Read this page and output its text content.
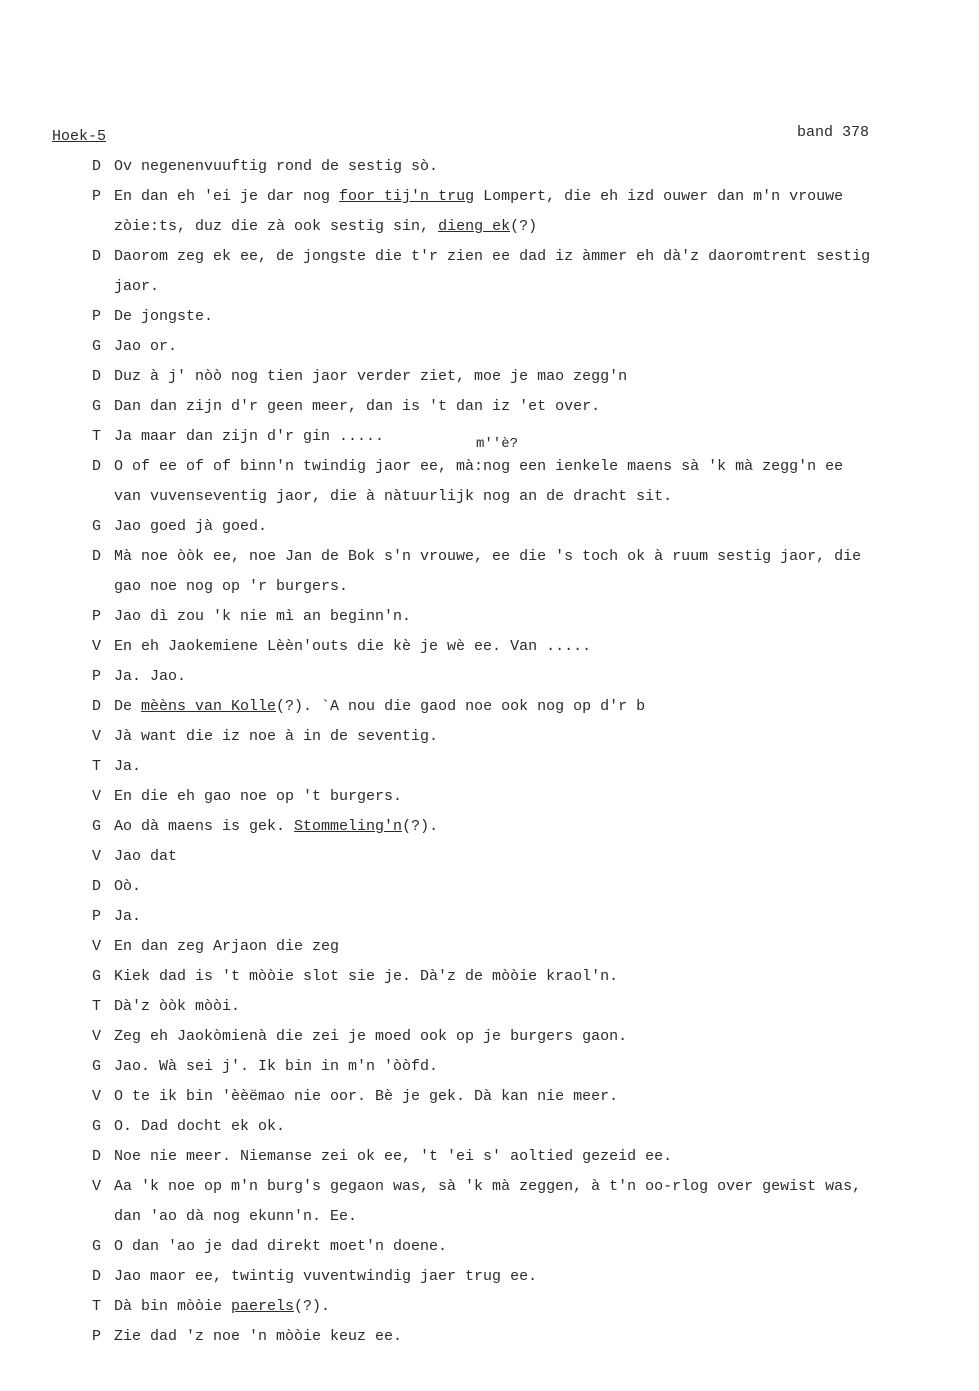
Hoek-5	band 378
m''è?
D Ov negenenvuuftig rond de sestig sò.
P En dan eh 'ei je dar nog foor tij'n trug Lompert, die eh izd ouwer dan m'n vrouwe
zòie:ts, duz die zà ook sestig sin, dieng ek(?)
D Daorom zeg ek ee, de jongste die t'r zien ee dad iz àmmer eh dà'z daoromtrent sestig
jaor.
P De jongste.
G Jao or.
D Duz à j' nòò nog tien jaor verder ziet, moe je mao zegg'n
G Dan dan zijn d'r geen meer, dan is 't dan iz 'et over.
T Ja maar dan zijn d'r gin .....
D O of ee of of binn'n twindig jaor ee, mà:nog een ienkele maens sà 'k mà zegg'n ee
van vuvenseventig jaor, die à nàtuurlijk nog an de dracht sit.
G Jao goed jà goed.
D Mà noe òòk ee, noe Jan de Bok s'n vrouwe, ee die 's toch ok à ruum sestig jaor, die
gao noe nog op 'r burgers.
P Jao dì zou 'k nie mì an beginn'n.
V En eh Jaokemiene Lèèn'outs die kè je wè ee. Van .....
P Ja. Jao.
D De mèèns van Kolle(?). `A nou die gaod noe ook nog op d'r b
V Jà want die iz noe à in de seventig.
T Ja.
V En die eh gao noe op 't burgers.
G Ao dà maens is gek. Stommeling'n(?).
V Jao dat
D Oò.
P Ja.
V En dan zeg Arjaon die zeg
G Kiek dad is 't mòòie slot sie je. Dà'z de mòòie kraol'n.
T Dà'z òòk mòòi.
V Zeg eh Jaokòmienà die zei je moed ook op je burgers gaon.
G Jao. Wà sei j'. Ik bin in m'n 'òòfd.
V O te ik bin 'èèëmao nie oor. Bè je gek. Dà kan nie meer.
G O. Dad docht ek ok.
D Noe nie meer. Niemanse zei ok ee, 't 'ei s' aoltied gezeid ee.
V Aa 'k noe op m'n burg's gegaon was, sà 'k mà zeggen, à t'n oo-rlog over gewist was,
dan 'ao dà nog ekunn'n. Ee.
G O dan 'ao je dad direkt moet'n doene.
D Jao maor ee, twintig vuventwindig jaer trug ee.
T Dà bin mòòie paerels(?).
P Zie dad 'z noe 'n mòòie keuz ee.
